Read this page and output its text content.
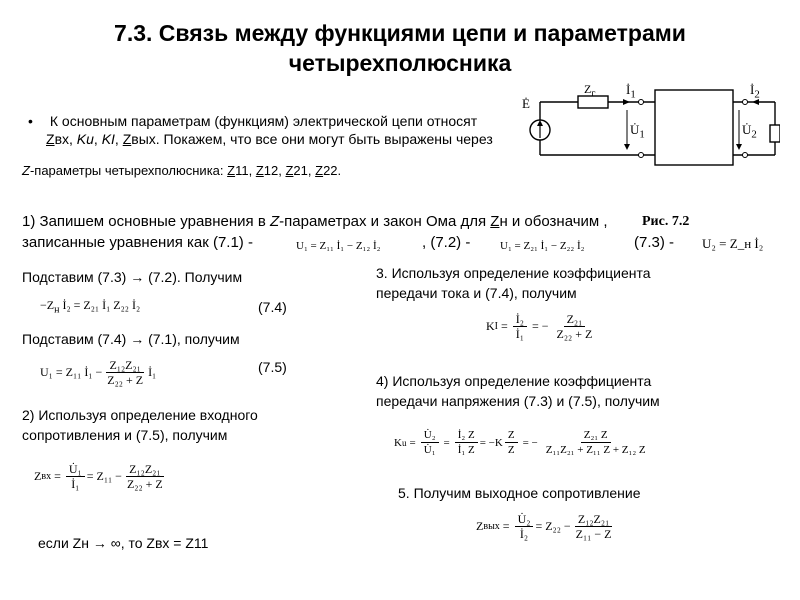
7.3. Связь между функциями цепи и параметрами
четырехполюсника
• К основным параметрам (функциям) электрической цепи относят
Zвх, Ku, KI, Zвых. Покажем, что все они могут быть выражены через
Z-параметры четырехполюсника: Z11, Z12, Z21, Z22.
Ė
$Z_г$ $İ_1$
$U̇_1$
$İ_2$
$U̇_2$
Рис. 7.2
1) Запишем основные уравнения в Z-параметрах и закон Ома для Zн и обозначим ,
записанные уравнения как (7.1) -	U₁ = Z₁₁ İ₁ − Z₁₂ İ₂	, (7.2) -	U₁ = Z₂₁ İ₁ − Z₂₂ İ₂	(7.3) - U₂ = Z_н İ₂
Подставим (7.3) → (7.2). Получим
$-Z_н$ İ₂ = Z₂₁ İ₁ Z₂₂ İ₂	(7.4)
Подставим (7.4) → (7.1), получим
U₁ = Z₁₁ İ₁ − $\frac{\text{Z₁₂Z₂₁}}{\text{Z₂₂ + Z}}$ İ₁	(7.5)
2) Используя определение входного
сопротивления и (7.5), получим
Z вх = $\frac{\text{U̇₁}}{\text{İ₁}} = Z_{11} - \frac{\text{Z₁₂Z₂₁}}{\text{Z₂₂ + Z}}$
если Zн → ∞, то Zвх = Z11
3. Используя определение коэффициента
передачи тока и (7.4), получим
K $I = \frac{\text{İ₂}}{\text{İ₁}}$ = − $\frac{\text{Z₂₁}}{\text{Z₂₂ + Z}}$
4) Используя определение коэффициента
передачи напряжения (7.3) и (7.5), получим
K $u = \frac{\text{U̇₂}}{\text{U̇₁}} = \frac{\text{İ₂ Z}}{\text{İ₁ Z}} = -K \frac{Z}{Z}$ = − $\frac{\text{Z₂₁ Z}}{\text{Z₁₁Z₂₁ + Z₁₁ Z + Z₁₂ Z}}$
5. Получим выходное сопротивление
Z вых = $\frac{\text{U̇₂}}{\text{İ₂}} = Z_{22} - \frac{\text{Z₁₂Z₂₁}}{\text{Z₁₁ − Z}}$
